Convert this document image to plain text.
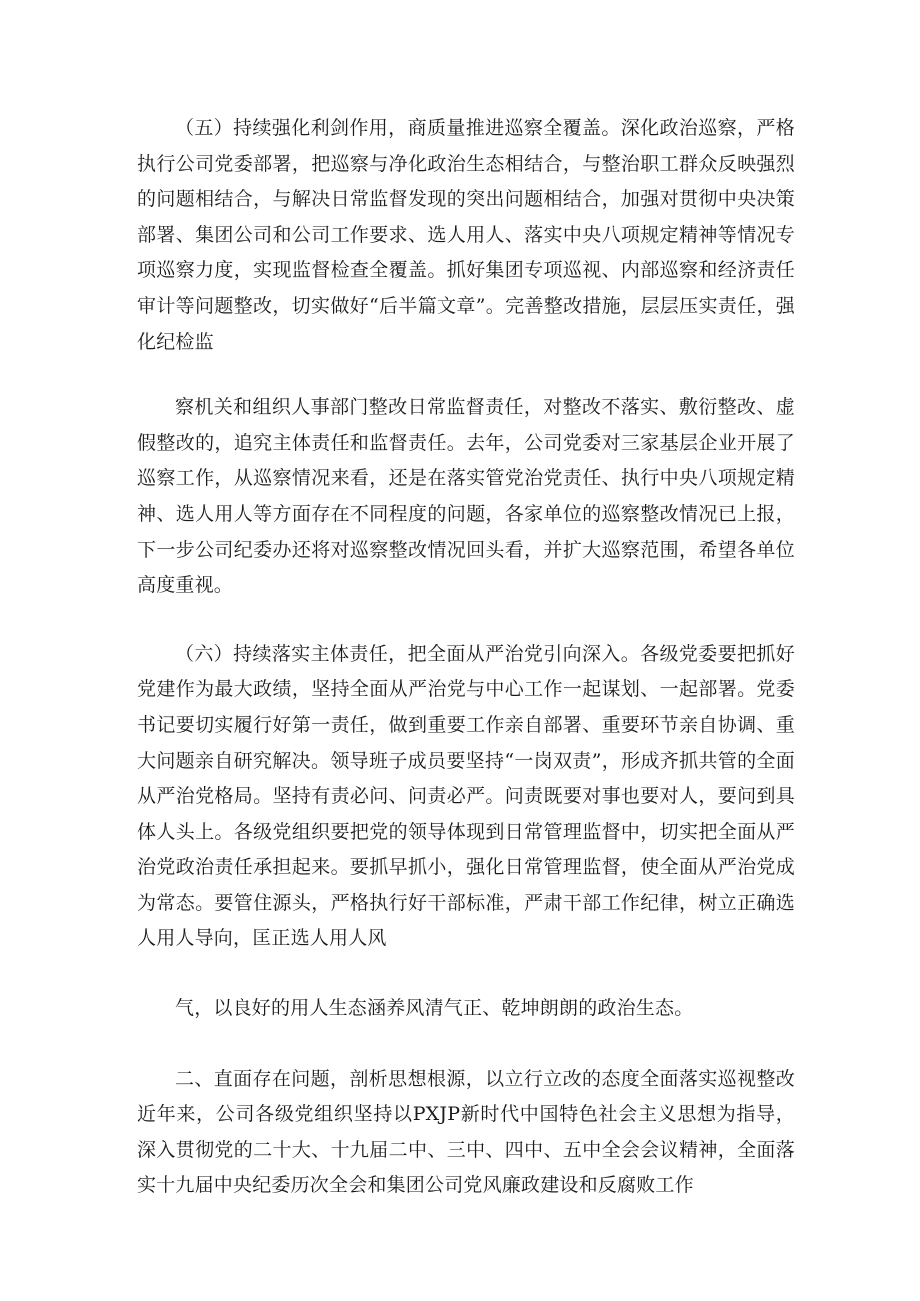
（五）持续强化利剑作用，商质量推进巡察全覆盖。深化政治巡察，严格执行公司党委部署，把巡察与净化政治生态相结合，与整治职工群众反映强烈的问题相结合，与解决日常监督发现的突出问题相结合，加强对贯彻中央决策部署、集团公司和公司工作要求、选人用人、落实中央八项规定精神等情况专项巡察力度，实现监督检查全覆盖。抓好集团专项巡视、内部巡察和经济责任审计等问题整改，切实做好“后半篇文章”。完善整改措施，层层压实责任，强化纪检监

察机关和组织人事部门整改日常监督责任，对整改不落实、敷衍整改、虚假整改的，追究主体责任和监督责任。去年，公司党委对三家基层企业开展了巡察工作，从巡察情况来看，还是在落实管党治党责任、执行中央八项规定精神、选人用人等方面存在不同程度的问题，各家单位的巡察整改情况已上报，下一步公司纪委办还将对巡察整改情况回头看，并扩大巡察范围，希望各单位高度重视。

（六）持续落实主体责任，把全面从严治党引向深入。各级党委要把抓好党建作为最大政绩，坚持全面从严治党与中心工作一起谋划、一起部署。党委书记要切实履行好第一责任，做到重要工作亲自部署、重要环节亲自协调、重大问题亲自研究解决。领导班子成员要坚持“一岗双责”，形成齐抓共管的全面从严治党格局。坚持有责必问、问责必严。问责既要对事也要对人，要问到具体人头上。各级党组织要把党的领导体现到日常管理监督中，切实把全面从严治党政治责任承担起来。要抓早抓小，强化日常管理监督，使全面从严治党成为常态。要管住源头，严格执行好干部标准，严肃干部工作纪律，树立正确选人用人导向，匡正选人用人风

气，以良好的用人生态涵养风清气正、乾坤朗朗的政治生态。

二、直面存在问题，剖析思想根源，以立行立改的态度全面落实巡视整改近年来，公司各级党组织坚持以PXJP新时代中国特色社会主义思想为指导，深入贯彻党的二十大、十九届二中、三中、四中、五中全会会议精神，全面落实十九届中央纪委历次全会和集团公司党风廉政建设和反腐败工作
